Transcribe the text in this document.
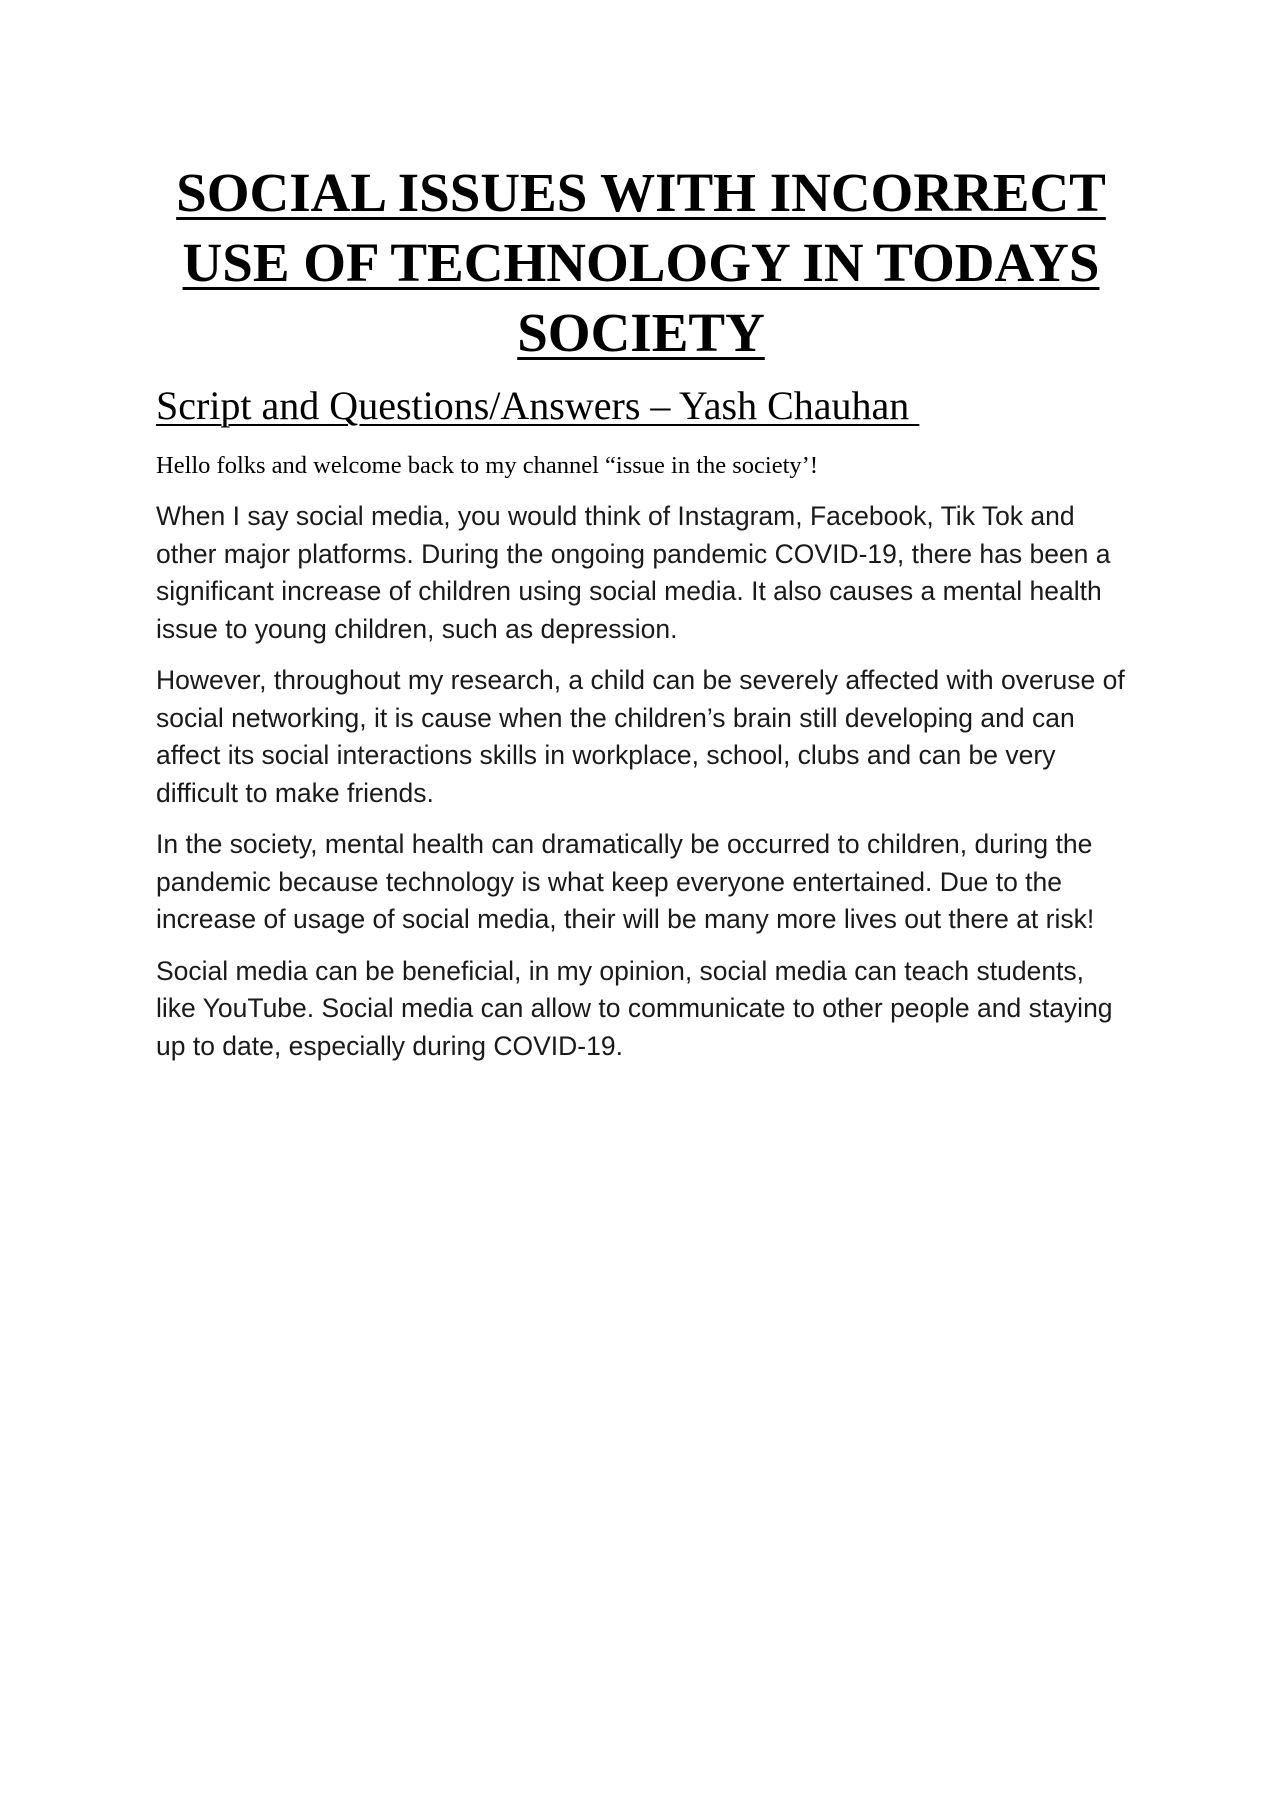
SOCIAL ISSUES WITH INCORRECT USE OF TECHNOLOGY IN TODAYS SOCIETY
Script and Questions/Answers – Yash Chauhan

Hello folks and welcome back to my channel “issue in the society’!

When I say social media, you would think of Instagram, Facebook, Tik Tok and other major platforms. During the ongoing pandemic COVID-19, there has been a significant increase of children using social media. It also causes a mental health issue to young children, such as depression.

However, throughout my research, a child can be severely affected with overuse of social networking, it is cause when the children’s brain still developing and can affect its social interactions skills in workplace, school, clubs and can be very difficult to make friends.

In the society, mental health can dramatically be occurred to children, during the pandemic because technology is what keep everyone entertained. Due to the increase of usage of social media, their will be many more lives out there at risk!

Social media can be beneficial, in my opinion, social media can teach students, like YouTube. Social media can allow to communicate to other people and staying up to date, especially during COVID-19.
